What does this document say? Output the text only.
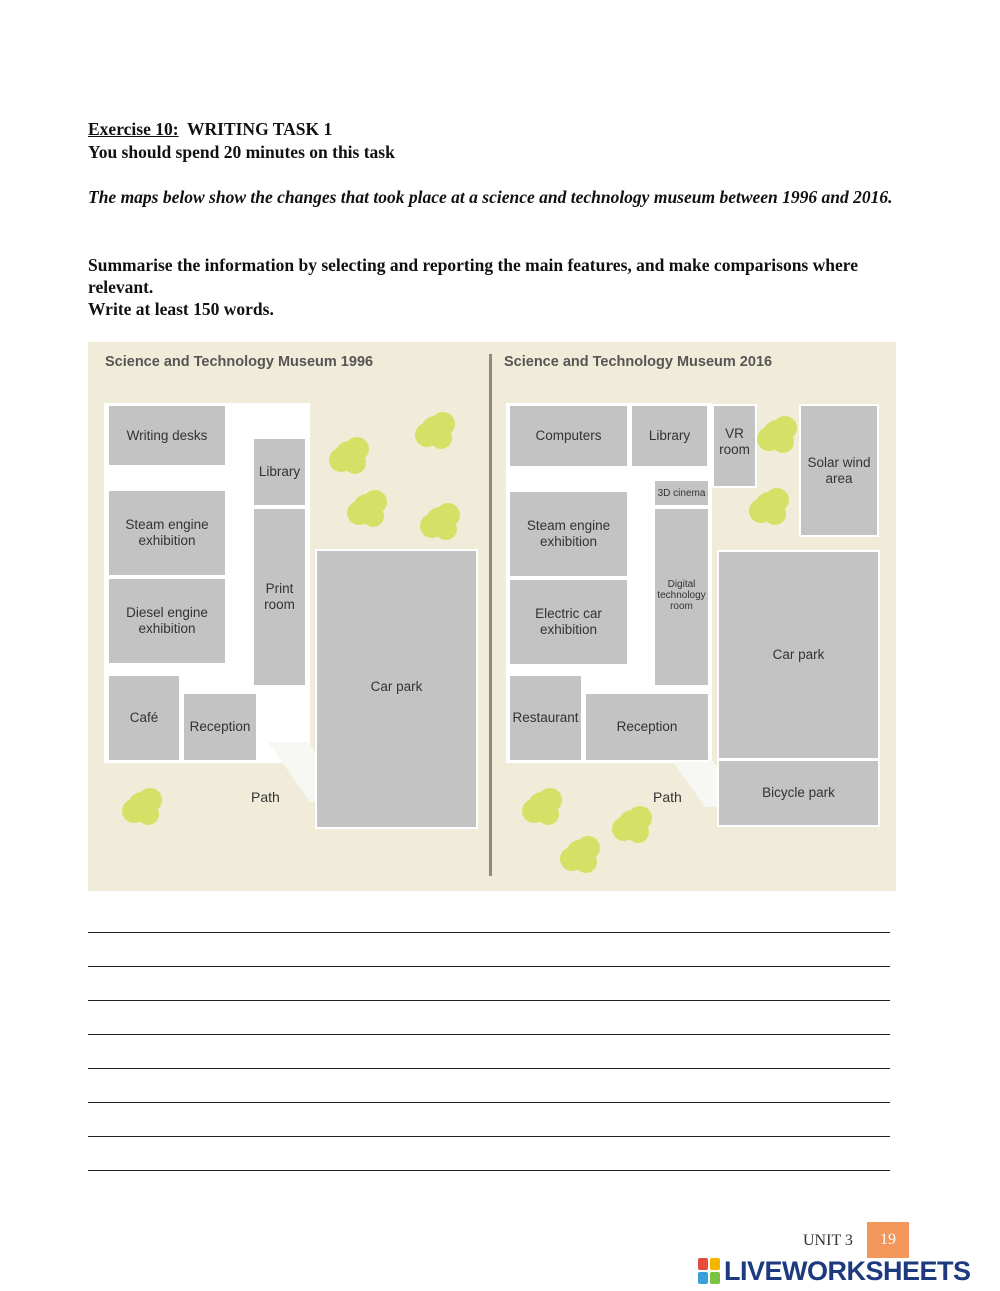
Exercise 10: WRITING TASK 1
You should spend 20 minutes on this task
The maps below show the changes that took place at a science and technology museum between 1996 and 2016.
Summarise the information by selecting and reporting the main features, and make comparisons where relevant.
Write at least 150 words.
Science and Technology Museum 1996
Writing desks
Library
Steam engine
exhibition
Print
room
Diesel engine
exhibition
Café
Reception
Car park
Path
Science and Technology Museum 2016
Computers	Library	VR
room
Solar wind
area
3D cinema
Steam engine
exhibition
Digital
technology
room
Electric car
exhibition
Restaurant
Reception
Car park
Bicycle park
Path
UNIT 3	19
LIVEWORKSHEETS
